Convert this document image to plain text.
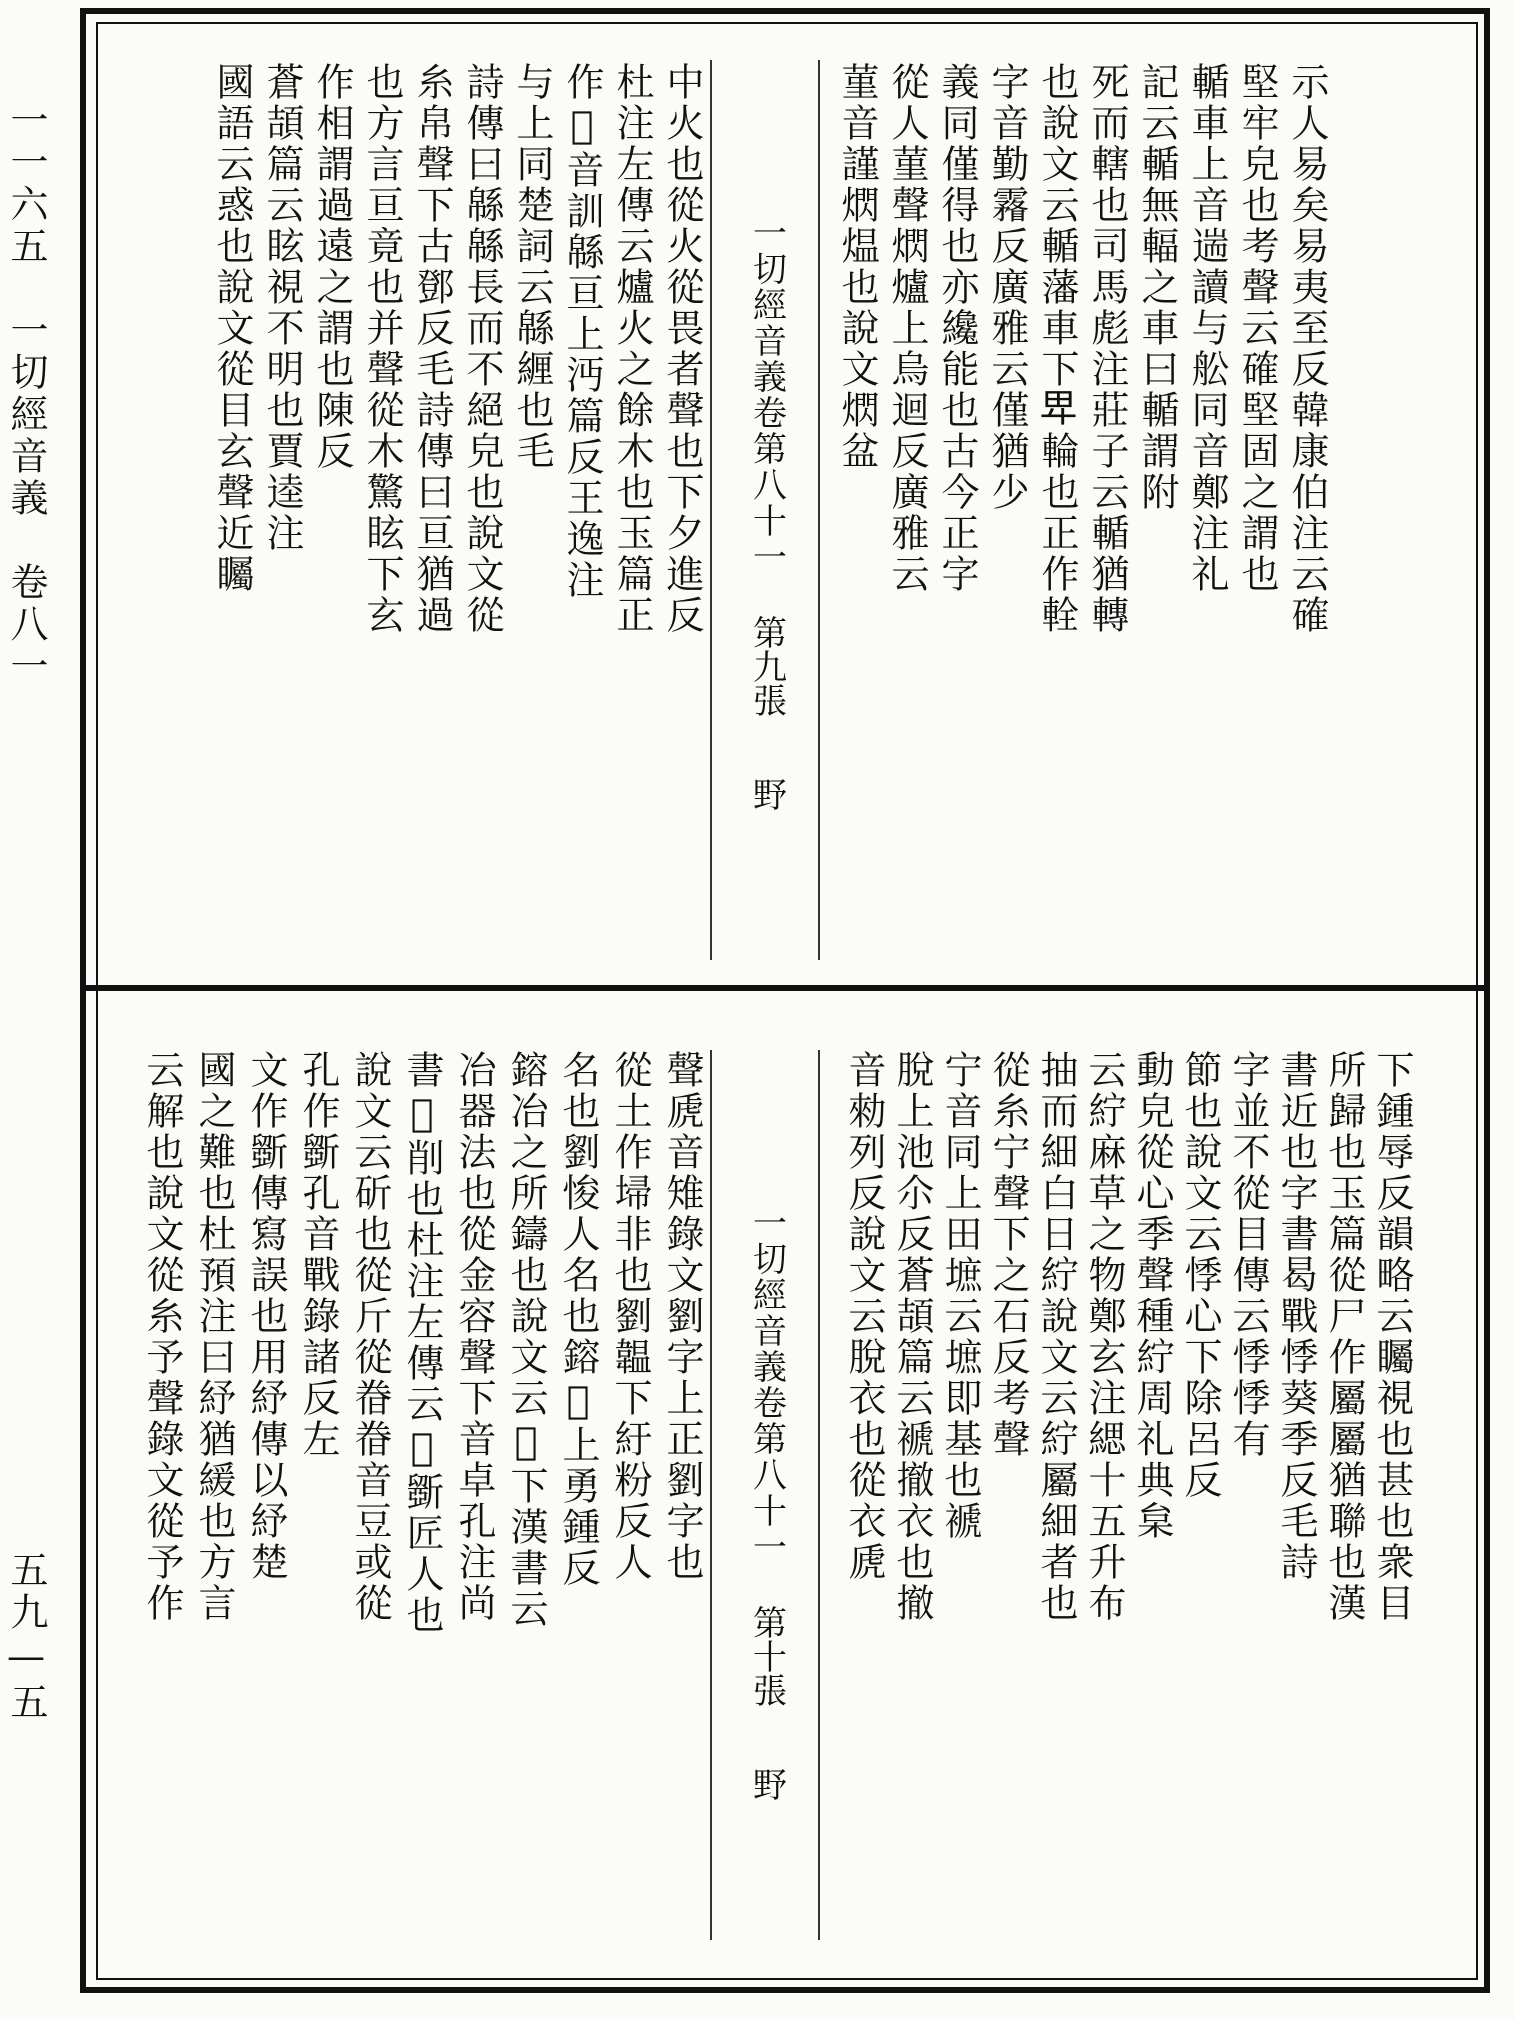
一一六五　一切經音義　卷八一
五九—五
一切經音義卷第八十一
第九張
野
示人易矣易夷至反韓康伯注云確
堅牢皃也考聲云確堅固之謂也
輴車上音遄讀与舩同音鄭注礼
記云輴無輻之車曰輴謂附
死而轄也司馬彪注莊子云輴猶轉
也說文云輴藩車下𤰞輪也正作輇
字音勤霿反廣雅云僅猶少
義同僅得也亦纔能也古今正字
從人菫聲熌爐上烏迴反廣雅云
菫音謹熌煴也說文熌盆
中火也從火從畏者聲也下夕進反
杜注左傳云爐火之餘木也玉篇正
作𤏳音訓緜亘上沔篇反王逸注
与上同楚詞云緜緾也毛
詩傳曰緜緜長而不絕皃也說文從
糸帛聲下古鄧反毛詩傳曰亘猶過
也方言亘竟也并聲從木驚眩下玄
作相謂過遠之謂也陳反
蒼頡篇云眩視不明也賈逵注
國語云惑也說文從目玄聲近矚
一切經音義卷第八十一
第十張
野
下鍾辱反韻略云矚視也甚也衆目
所歸也玉篇從尸作屬屬猶聯也漢
書近也字書曷戰悸葵季反毛詩
字並不從目傳云悸悸有
節也說文云悸心下除呂反
動皃從心季聲種紵周礼典枲
云紵麻草之物鄭玄注緦十五升布
抽而細白日紵說文云紵屬細者也
從糸宁聲下之石反考聲
宁音同上田墌云墌即基也褫
脫上池尒反蒼頡篇云褫撤衣也撤
音勑列反說文云脫衣也從衣虒
聲虒音雉錄文劉字上正劉字也
從土作埽非也劉韞下紆粉反人
名也劉悛人名也鎔𨤲上勇鍾反
鎔冶之所鑄也說文云𨤲下漢書云
冶器法也從金容聲下音卓孔注尚
書𨤲削也杜注左傳云𨤲斵匠人也
說文云斫也從斤從𣇃𣇃音豆或從
孔作斵孔音戰錄諸反左
文作斵傳寫誤也用紓傳以紓楚
國之難也杜預注曰紓猶緩也方言
云解也說文從糸予聲錄文從予作
